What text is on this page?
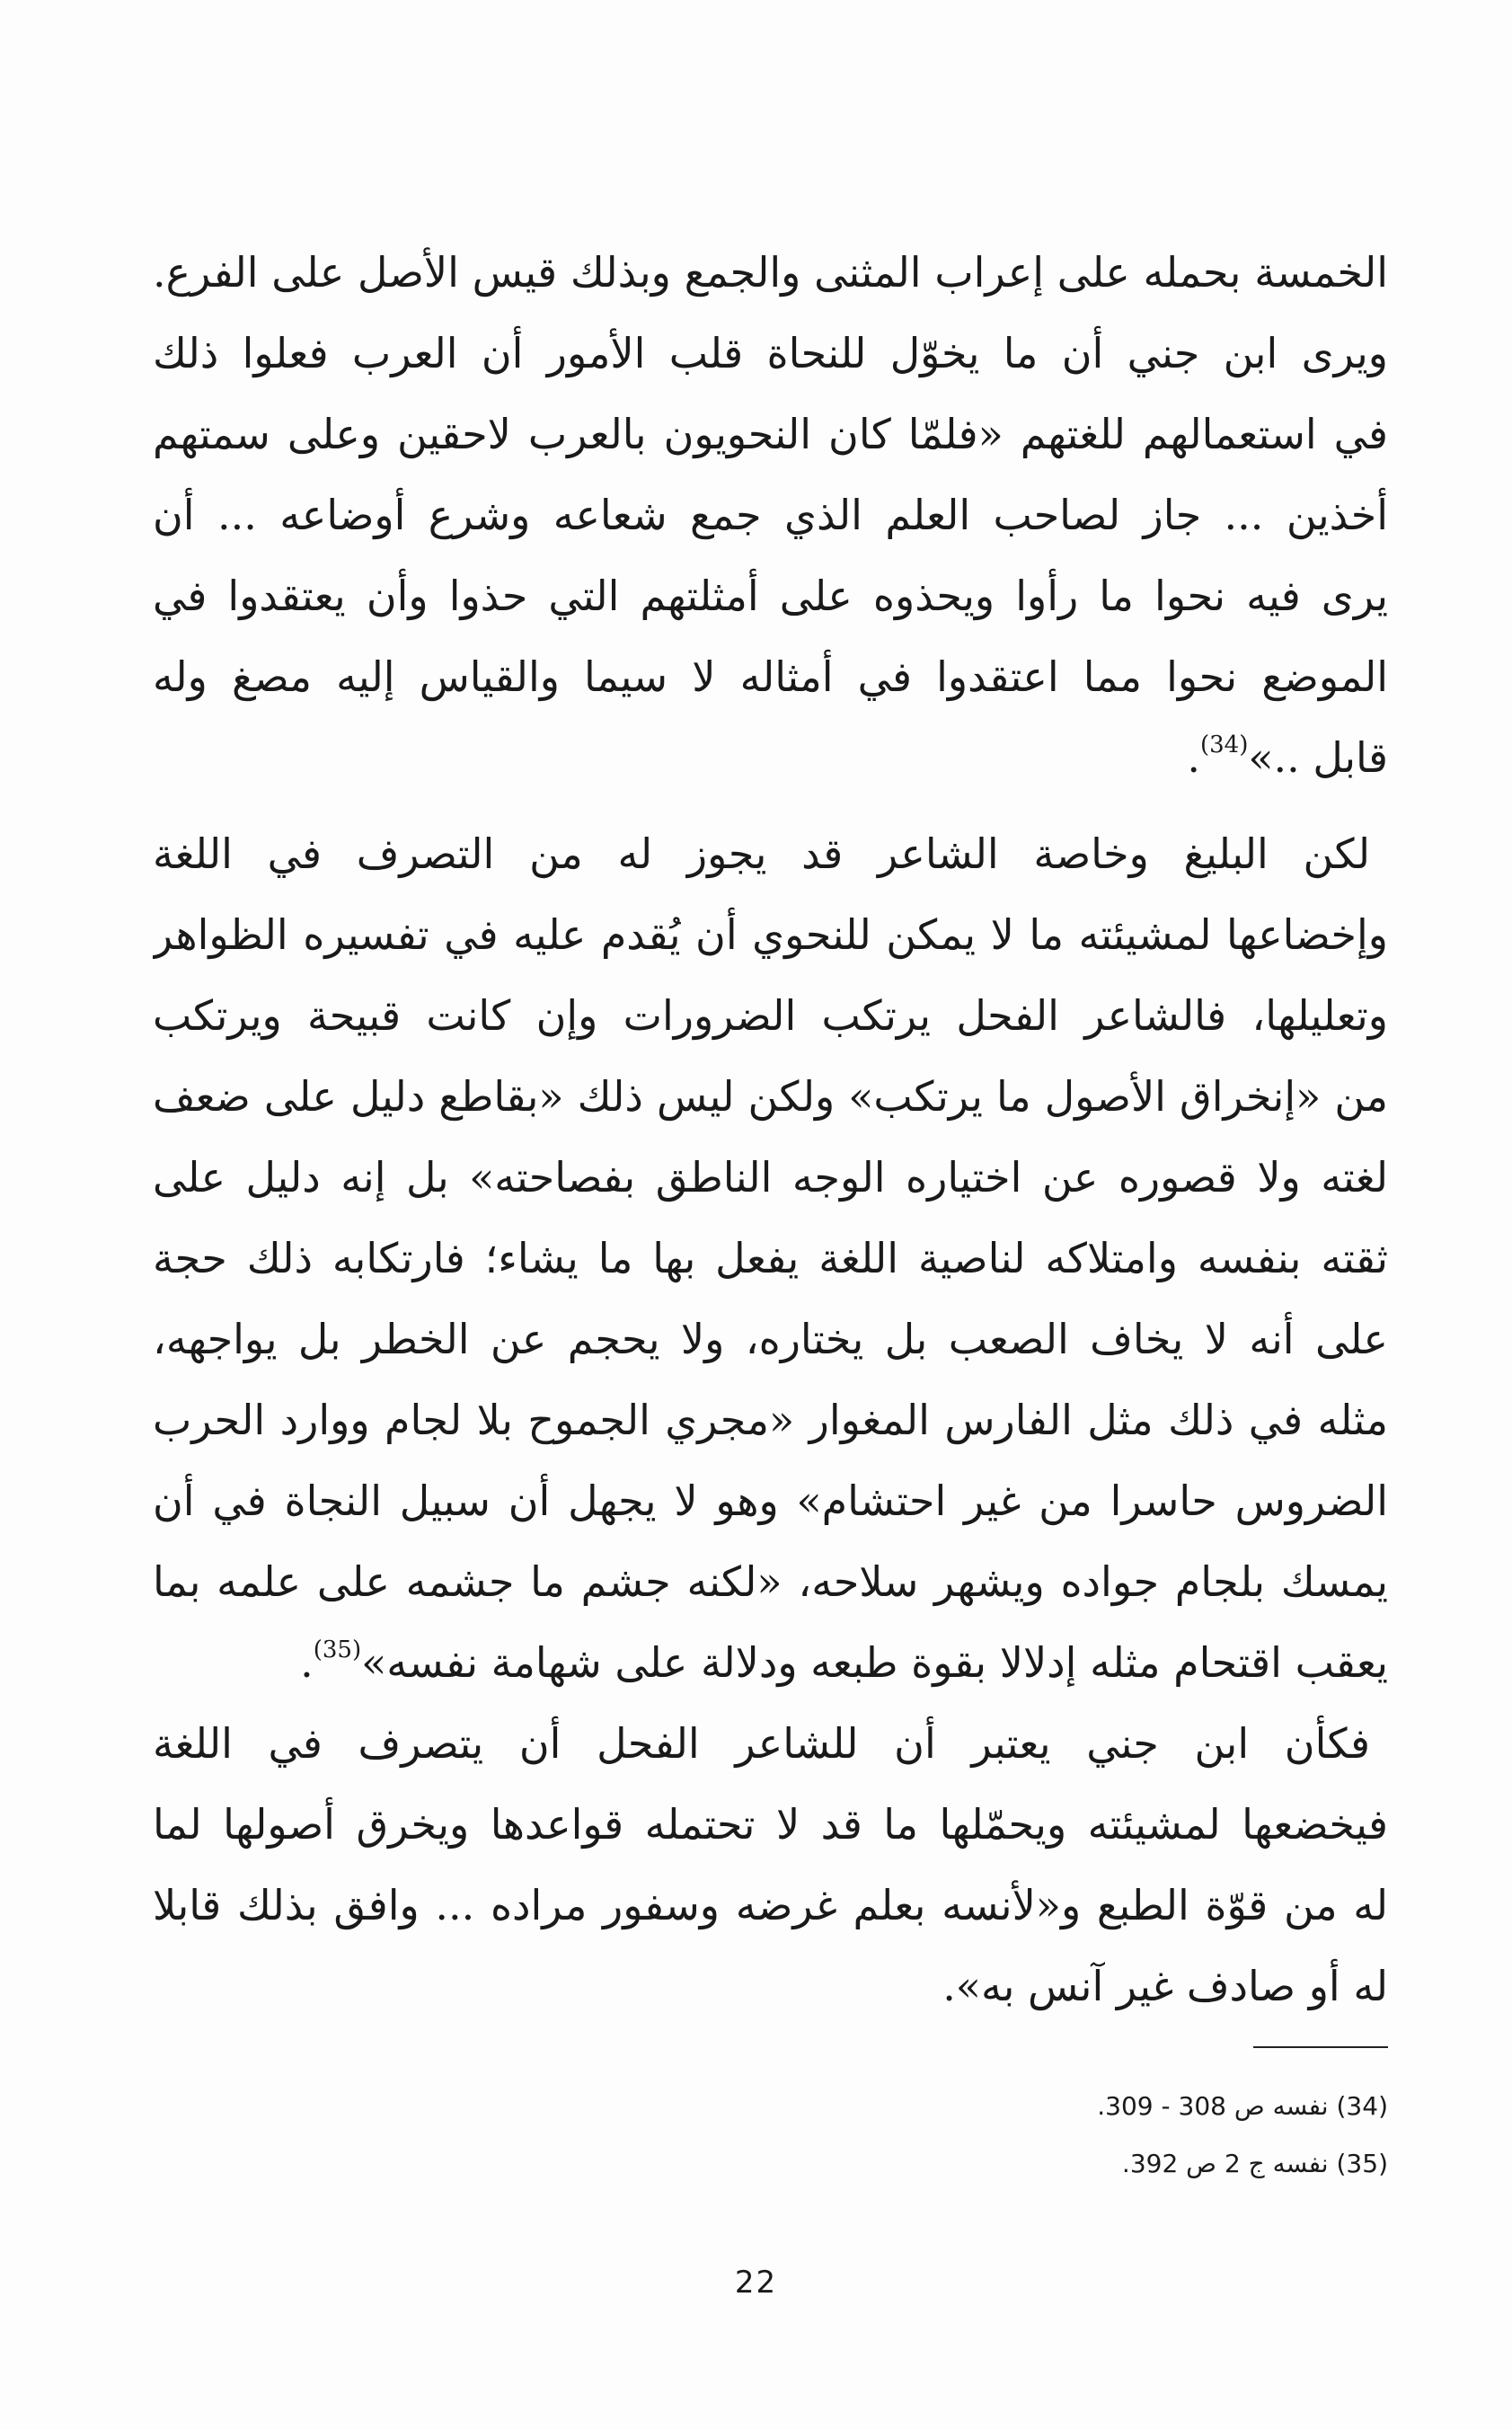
الخمسة بحمله على إعراب المثنى والجمع وبذلك قيس الأصل على الفرع.
ويرى ابن جني أن ما يخوّل للنحاة قلب الأمور أن العرب فعلوا ذلك
في استعمالهم للغتهم «فلمّا كان النحويون بالعرب لاحقين وعلى سمتهم
أخذين ... جاز لصاحب العلم الذي جمع شعاعه وشرع أوضاعه ... أن
يرى فيه نحوا ما رأوا ويحذوه على أمثلتهم التي حذوا وأن يعتقدوا في
الموضع نحوا مما اعتقدوا في أمثاله لا سيما والقياس إليه مصغ وله
قابل ..»$^{(34)}$.
لكن البليغ وخاصة الشاعر قد يجوز له من التصرف في اللغة
وإخضاعها لمشيئته ما لا يمكن للنحوي أن يُقدم عليه في تفسيره الظواهر
وتعليلها، فالشاعر الفحل يرتكب الضرورات وإن كانت قبيحة ويرتكب
من «إنخراق الأصول ما يرتكب» ولكن ليس ذلك «بقاطع دليل على ضعف
لغته ولا قصوره عن اختياره الوجه الناطق بفصاحته» بل إنه دليل على
ثقته بنفسه وامتلاكه لناصية اللغة يفعل بها ما يشاء؛ فارتكابه ذلك حجة
على أنه لا يخاف الصعب بل يختاره، ولا يحجم عن الخطر بل يواجهه،
مثله في ذلك مثل الفارس المغوار «مجري الجموح بلا لجام ووارد الحرب
الضروس حاسرا من غير احتشام» وهو لا يجهل أن سبيل النجاة في أن
يمسك بلجام جواده ويشهر سلاحه، «لكنه جشم ما جشمه على علمه بما
يعقب اقتحام مثله إدلالا بقوة طبعه ودلالة على شهامة نفسه»$^{(35)}$.
فكأن ابن جني يعتبر أن للشاعر الفحل أن يتصرف في اللغة
فيخضعها لمشيئته ويحمّلها ما قد لا تحتمله قواعدها ويخرق أصولها لما
له من قوّة الطبع و«لأنسه بعلم غرضه وسفور مراده ... وافق بذلك قابلا
له أو صادف غير آنس به».
(34) نفسه ص 308 - 309.
(35) نفسه ج 2 ص 392.
22
